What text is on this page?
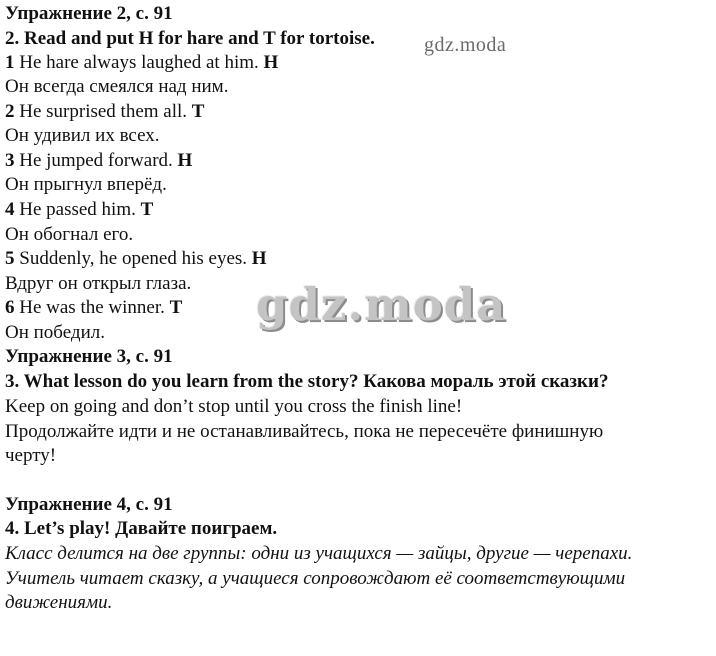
Упражнение 2, с. 91
2. Read and put H for hare and T for tortoise. gdz.moda
1 He hare always laughed at him. H
Он всегда смеялся над ним.
2 He surprised them all. T
Он удивил их всех.
3 He jumped forward. H
Он прыгнул вперёд.
4 He passed him. T
Он обогнал его.
5 Suddenly, he opened his eyes. H
Вдруг он открыл глаза.
6 He was the winner. T
Он победил.
gdz.moda
Упражнение 3, с. 91
3. What lesson do you learn from the story? Какова мораль этой сказки?
Keep on going and don’t stop until you cross the finish line!
Продолжайте идти и не останавливайтесь, пока не пересечёте финишную
черту!
Упражнение 4, с. 91
4. Let’s play! Давайте поиграем.
Класс делится на две группы: одни из учащихся — зайцы, другие — черепахи.
Учитель читает сказку, а учащиеся сопровождают её соответствующими
движениями.
